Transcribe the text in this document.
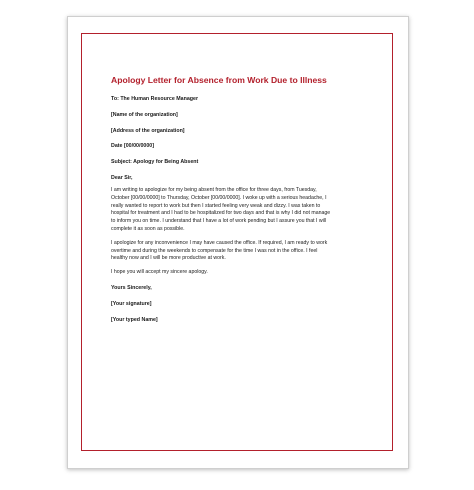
Apology Letter for Absence from Work Due to Illness
To: The Human Resource Manager
[Name of the organization]
[Address of the organization]
Date [00/00/0000]
Subject: Apology for Being Absent
Dear Sir,
I am writing to apologize for my being absent from the office for three days, from Tuesday,
October [00/00/0000] to Thursday, October [00/00/0000]. I woke up with a serious headache, I
really wanted to report to work but then I started feeling very weak and dizzy. I was taken to
hospital for treatment and I had to be hospitalized for two days and that is why I did not manage
to inform you on time. I understand that I have a lot of work pending but I assure you that I will
complete it as soon as possible.
I apologize for any inconvenience I may have caused the office. If required, I am ready to work
overtime and during the weekends to compensate for the time I was not in the office. I feel
healthy now and I will be more productive at work.
I hope you will accept my sincere apology.
Yours Sincerely,
[Your signature]
[Your typed Name]
